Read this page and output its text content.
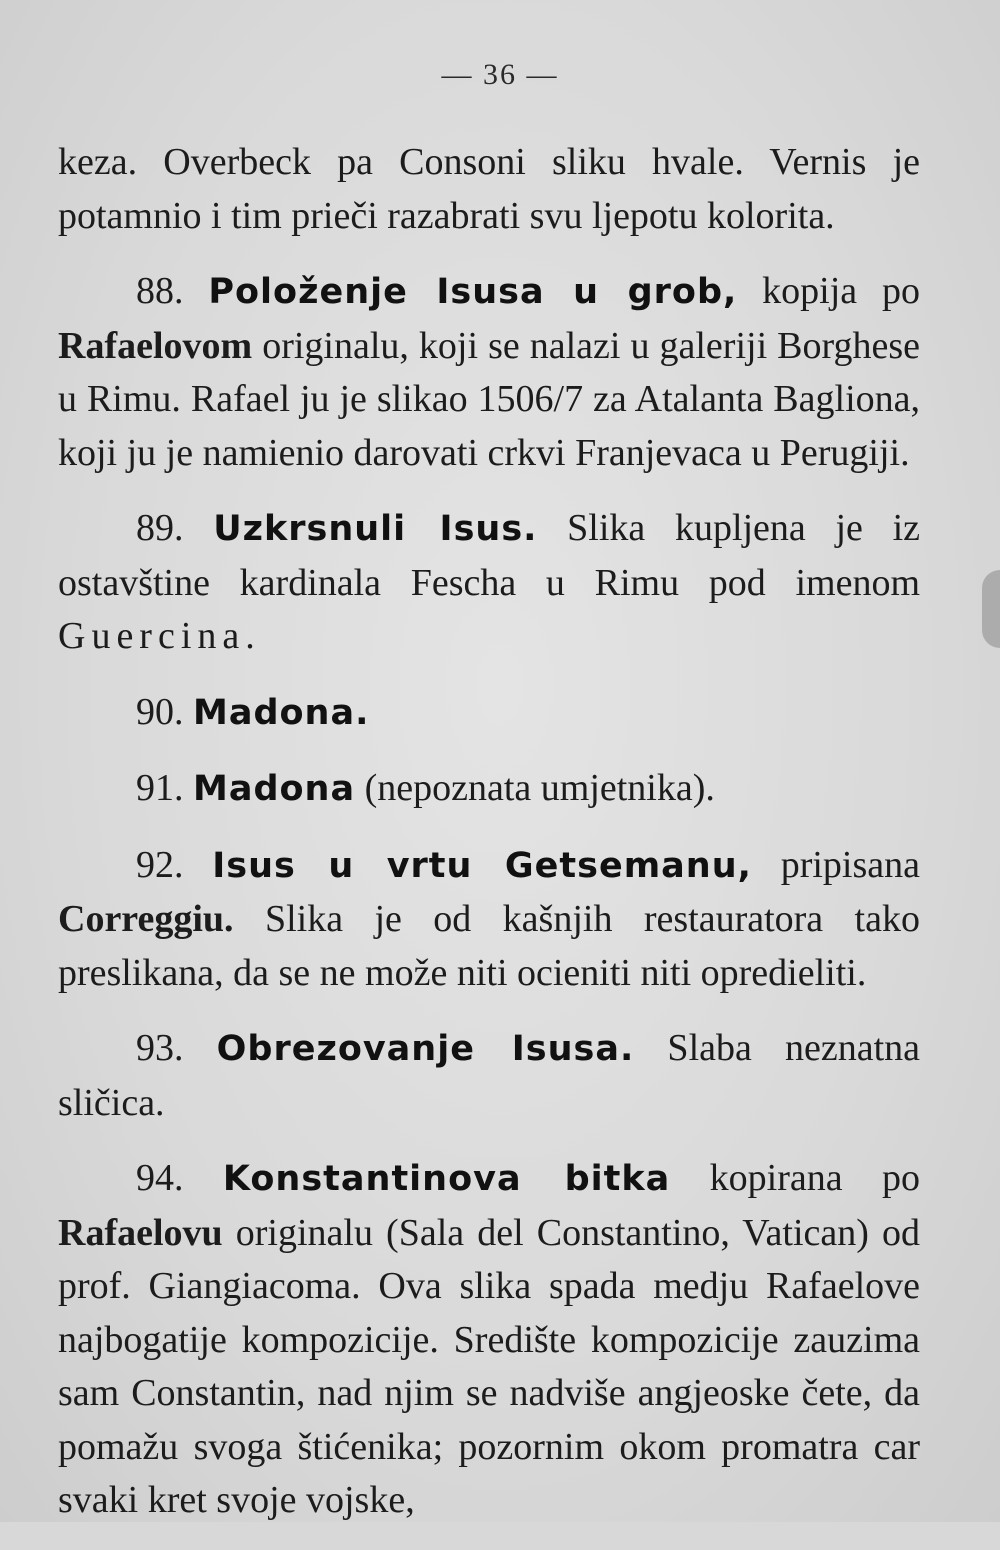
— 36 —

keza. Overbeck pa Consoni sliku hvale. Vernis je potamnio i tim prieči razabrati svu ljepotu kolorita.

88. Položenje Isusa u grob, kopija po Rafaelovom originalu, koji se nalazi u galeriji Borghese u Rimu. Rafael ju je slikao 1506/7 za Atalanta Bagliona, koji ju je namienio darovati crkvi Franjevaca u Perugiji.

89. Uzkrsnuli Isus. Slika kupljena je iz ostavštine kardinala Fescha u Rimu pod imenom Guercina.

90. Madona.

91. Madona (nepoznata umjetnika).

92. Isus u vrtu Getsemanu, pripisana Correggiu. Slika je od kašnjih restauratora tako preslikana, da se ne može niti ocieniti niti opredieliti.

93. Obrezovanje Isusa. Slaba neznatna sličica.

94. Konstantinova bitka kopirana po Rafaelovu originalu (Sala del Constantino, Vatican) od prof. Giangiacoma. Ova slika spada medju Rafaelove najbogatije kompozicije. Središte kompozicije zauzima sam Constantin, nad njim se nadviše angjeoske čete, da pomažu svoga štićenika; pozornim okom promatra car svaki kret svoje vojske,
